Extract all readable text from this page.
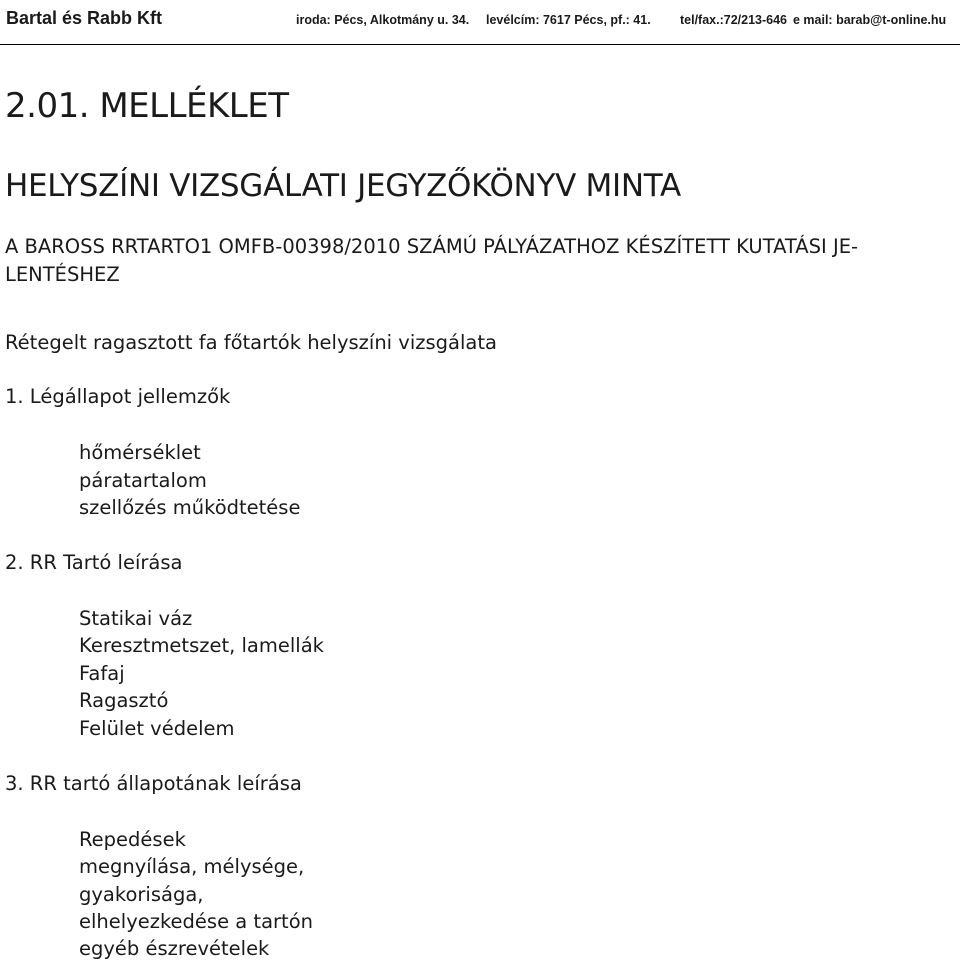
Bartal és Rabb Kft	iroda: Pécs, Alkotmány u. 34. levélcím: 7617 Pécs, pf.: 41. tel/fax.:72/213-646 e mail: barab@t-online.hu
2.01. MELLÉKLET
HELYSZÍNI VIZSGÁLATI JEGYZŐKÖNYV MINTA
A BAROSS RRTARTO1 OMFB-00398/2010 SZÁMÚ PÁLYÁZATHOZ KÉSZÍTETT KUTATÁSI JE-
LENTÉSHEZ
Rétegelt ragasztott fa főtartók helyszíni vizsgálata
1. Légállapot jellemzők
hőmérséklet
páratartalom
szellőzés működtetése
2. RR Tartó leírása
Statikai váz
Keresztmetszet, lamellák
Fafaj
Ragasztó
Felület védelem
3. RR tartó állapotának leírása
Repedések
megnyílása, mélysége,
gyakorisága,
elhelyezkedése a tartón
egyéb észrevételek
